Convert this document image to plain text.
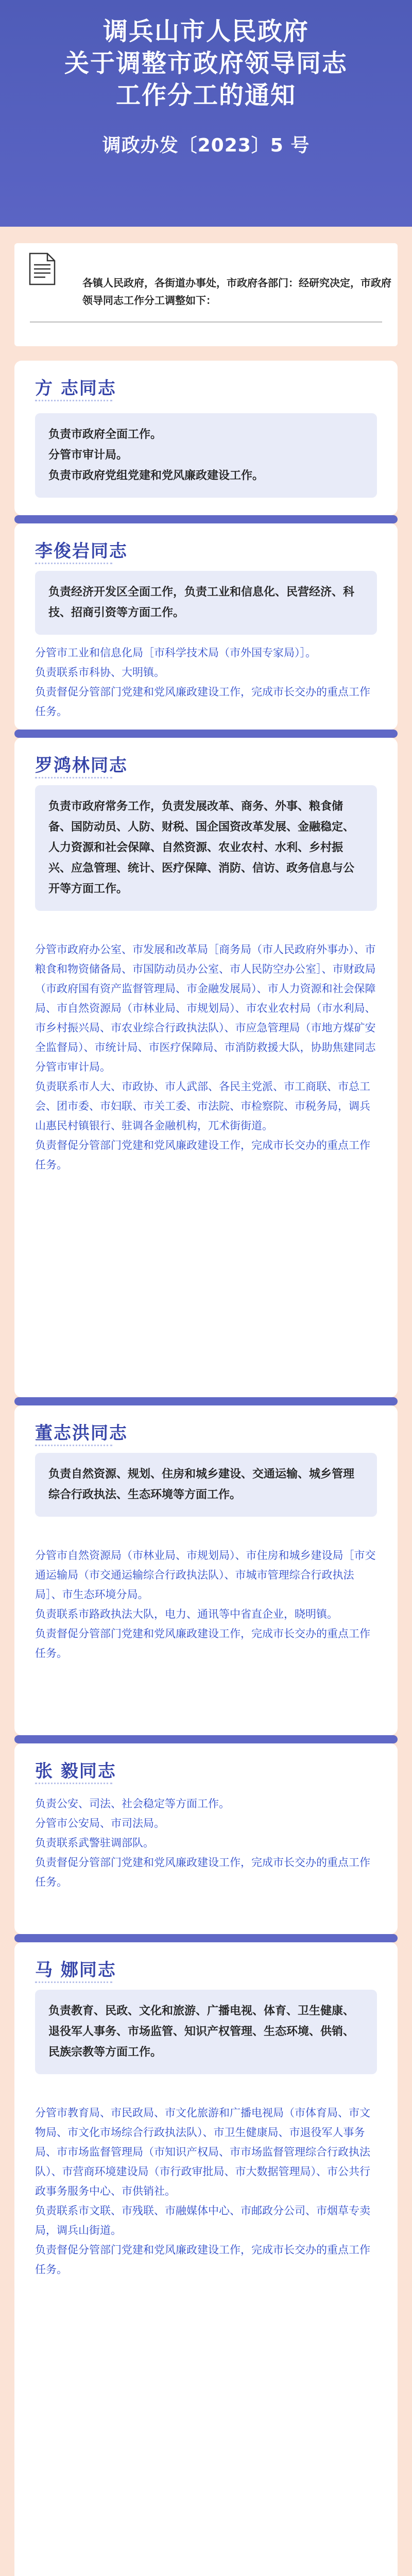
调兵山市人民政府
关于调整市政府领导同志
工作分工的通知
调政办发〔2023〕5 号
各镇人民政府，各街道办事处，市政府各部门：经研究决定，市政府领导同志工作分工调整如下：
方 志同志
负责市政府全面工作。
分管市审计局。
负责市政府党组党建和党风廉政建设工作。
李俊岩同志
负责经济开发区全面工作，负责工业和信息化、民营经济、科技、招商引资等方面工作。
分管市工业和信息化局［市科学技术局（市外国专家局）］。
负责联系市科协、大明镇。
负责督促分管部门党建和党风廉政建设工作，完成市长交办的重点工作任务。
罗鸿林同志
负责市政府常务工作，负责发展改革、商务、外事、粮食储备、国防动员、人防、财税、国企国资改革发展、金融稳定、人力资源和社会保障、自然资源、农业农村、水利、乡村振兴、应急管理、统计、医疗保障、消防、信访、政务信息与公开等方面工作。
分管市政府办公室、市发展和改革局［商务局（市人民政府外事办）、市粮食和物资储备局、市国防动员办公室、市人民防空办公室］、市财政局（市政府国有资产监督管理局、市金融发展局）、市人力资源和社会保障局、市自然资源局（市林业局、市规划局）、市农业农村局（市水利局、市乡村振兴局、市农业综合行政执法队）、市应急管理局（市地方煤矿安全监督局）、市统计局、市医疗保障局、市消防救援大队，协助焦建同志分管市审计局。
负责联系市人大、市政协、市人武部、各民主党派、市工商联、市总工会、团市委、市妇联、市关工委、市法院、市检察院、市税务局，调兵山惠民村镇银行、驻调各金融机构，兀术街街道。
负责督促分管部门党建和党风廉政建设工作，完成市长交办的重点工作任务。
董志洪同志
负责自然资源、规划、住房和城乡建设、交通运输、城乡管理综合行政执法、生态环境等方面工作。
分管市自然资源局（市林业局、市规划局）、市住房和城乡建设局［市交通运输局（市交通运输综合行政执法队）、市城市管理综合行政执法局］、市生态环境分局。
负责联系市路政执法大队，电力、通讯等中省直企业，晓明镇。
负责督促分管部门党建和党风廉政建设工作，完成市长交办的重点工作任务。
张 毅同志
负责公安、司法、社会稳定等方面工作。
分管市公安局、市司法局。
负责联系武警驻调部队。
负责督促分管部门党建和党风廉政建设工作，完成市长交办的重点工作任务。
马 娜同志
负责教育、民政、文化和旅游、广播电视、体育、卫生健康、退役军人事务、市场监管、知识产权管理、生态环境、供销、民族宗教等方面工作。
分管市教育局、市民政局、市文化旅游和广播电视局（市体育局、市文物局、市文化市场综合行政执法队）、市卫生健康局、市退役军人事务局、市市场监督管理局（市知识产权局、市市场监督管理综合行政执法队）、市营商环境建设局（市行政审批局、市大数据管理局）、市公共行政事务服务中心、市供销社。
负责联系市文联、市残联、市融媒体中心、市邮政分公司、市烟草专卖局，调兵山街道。
负责督促分管部门党建和党风廉政建设工作，完成市长交办的重点工作任务。
